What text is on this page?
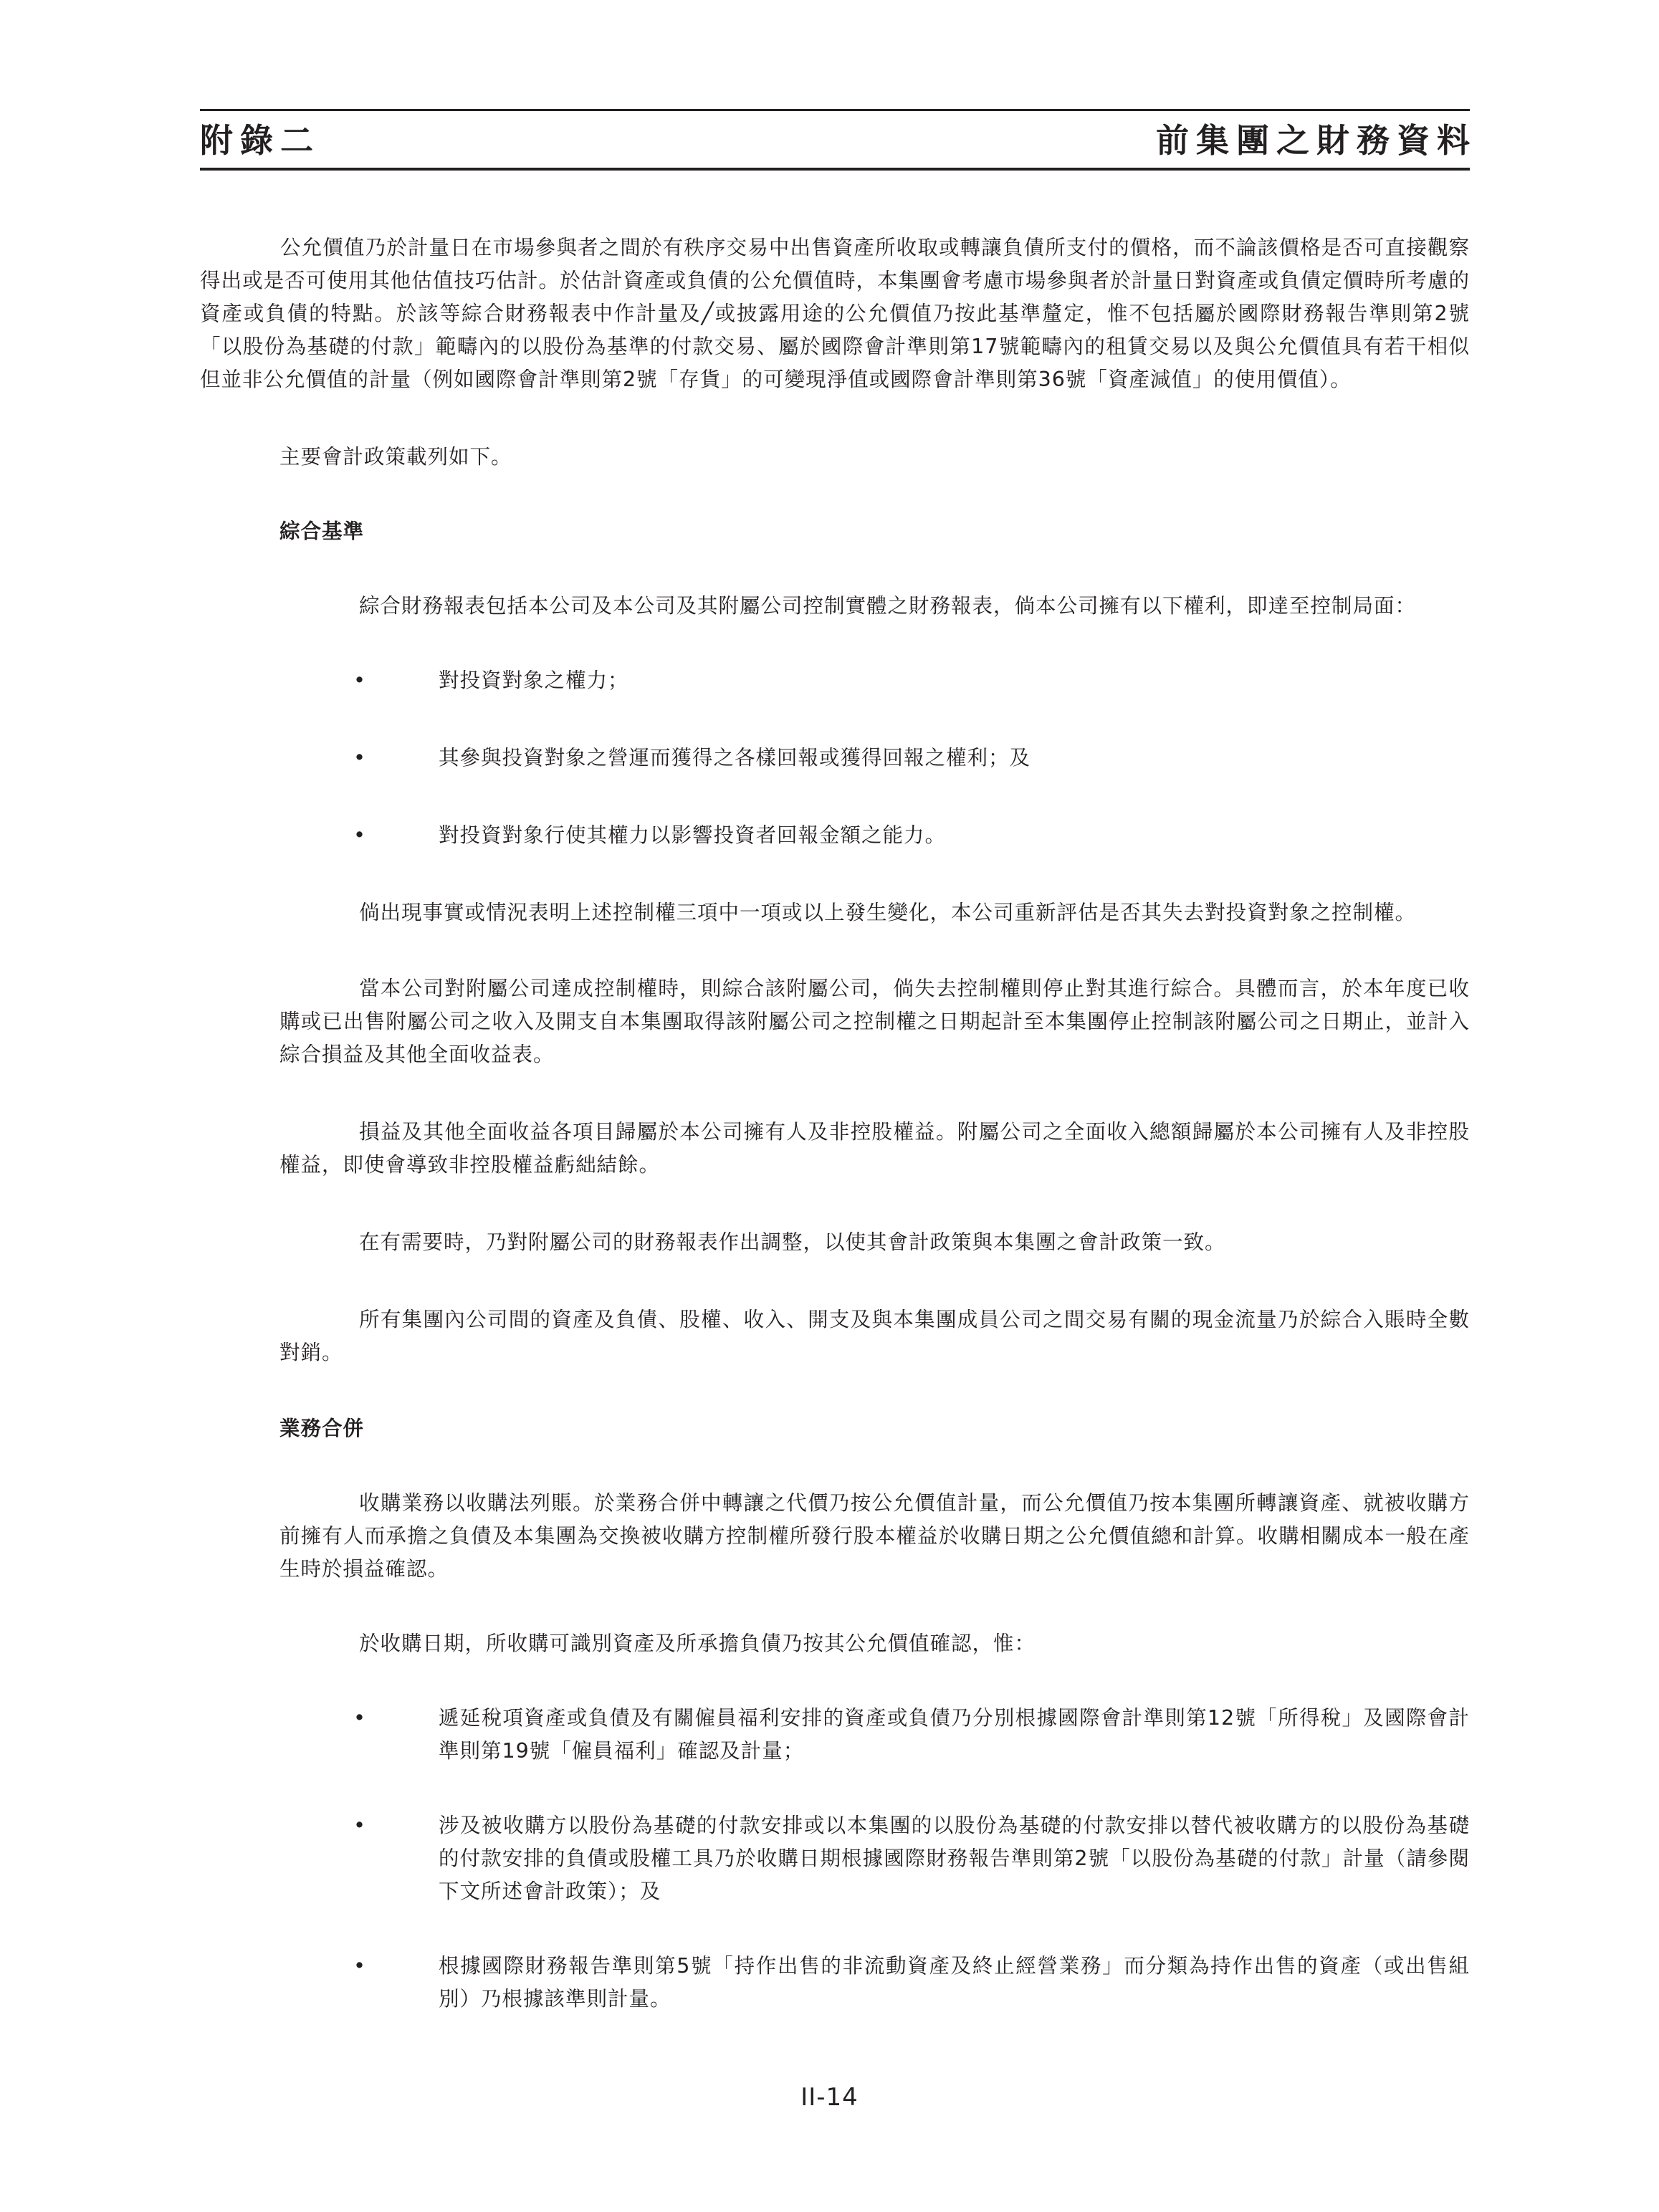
附錄二	前集團之財務資料

公允價值乃於計量日在市場參與者之間於有秩序交易中出售資產所收取或轉讓負債所支付的價格，而不論該價格是否可直接觀察得出或是否可使用其他估值技巧估計。於估計資產或負債的公允價值時，本集團會考慮市場參與者於計量日對資產或負債定價時所考慮的資產或負債的特點。於該等綜合財務報表中作計量及╱或披露用途的公允價值乃按此基準釐定，惟不包括屬於國際財務報告準則第2號「以股份為基礎的付款」範疇內的以股份為基準的付款交易、屬於國際會計準則第17號範疇內的租賃交易以及與公允價值具有若干相似但並非公允價值的計量（例如國際會計準則第2號「存貨」的可變現淨值或國際會計準則第36號「資產減值」的使用價值）。

主要會計政策載列如下。

綜合基準

綜合財務報表包括本公司及本公司及其附屬公司控制實體之財務報表，倘本公司擁有以下權利，即達至控制局面：

•	對投資對象之權力；
•	其參與投資對象之營運而獲得之各樣回報或獲得回報之權利；及
•	對投資對象行使其權力以影響投資者回報金額之能力。

倘出現事實或情況表明上述控制權三項中一項或以上發生變化，本公司重新評估是否其失去對投資對象之控制權。

當本公司對附屬公司達成控制權時，則綜合該附屬公司，倘失去控制權則停止對其進行綜合。具體而言，於本年度已收購或已出售附屬公司之收入及開支自本集團取得該附屬公司之控制權之日期起計至本集團停止控制該附屬公司之日期止，並計入綜合損益及其他全面收益表。

損益及其他全面收益各項目歸屬於本公司擁有人及非控股權益。附屬公司之全面收入總額歸屬於本公司擁有人及非控股權益，即使會導致非控股權益虧絀結餘。

在有需要時，乃對附屬公司的財務報表作出調整，以使其會計政策與本集團之會計政策一致。

所有集團內公司間的資產及負債、股權、收入、開支及與本集團成員公司之間交易有關的現金流量乃於綜合入賬時全數對銷。

業務合併

收購業務以收購法列賬。於業務合併中轉讓之代價乃按公允價值計量，而公允價值乃按本集團所轉讓資產、就被收購方前擁有人而承擔之負債及本集團為交換被收購方控制權所發行股本權益於收購日期之公允價值總和計算。收購相關成本一般在產生時於損益確認。

於收購日期，所收購可識別資產及所承擔負債乃按其公允價值確認，惟：

•	遞延稅項資產或負債及有關僱員福利安排的資產或負債乃分別根據國際會計準則第12號「所得稅」及國際會計準則第19號「僱員福利」確認及計量；
•	涉及被收購方以股份為基礎的付款安排或以本集團的以股份為基礎的付款安排以替代被收購方的以股份為基礎的付款安排的負債或股權工具乃於收購日期根據國際財務報告準則第2號「以股份為基礎的付款」計量（請參閱下文所述會計政策）；及
•	根據國際財務報告準則第5號「持作出售的非流動資產及終止經營業務」而分類為持作出售的資產（或出售組別）乃根據該準則計量。
II-14
